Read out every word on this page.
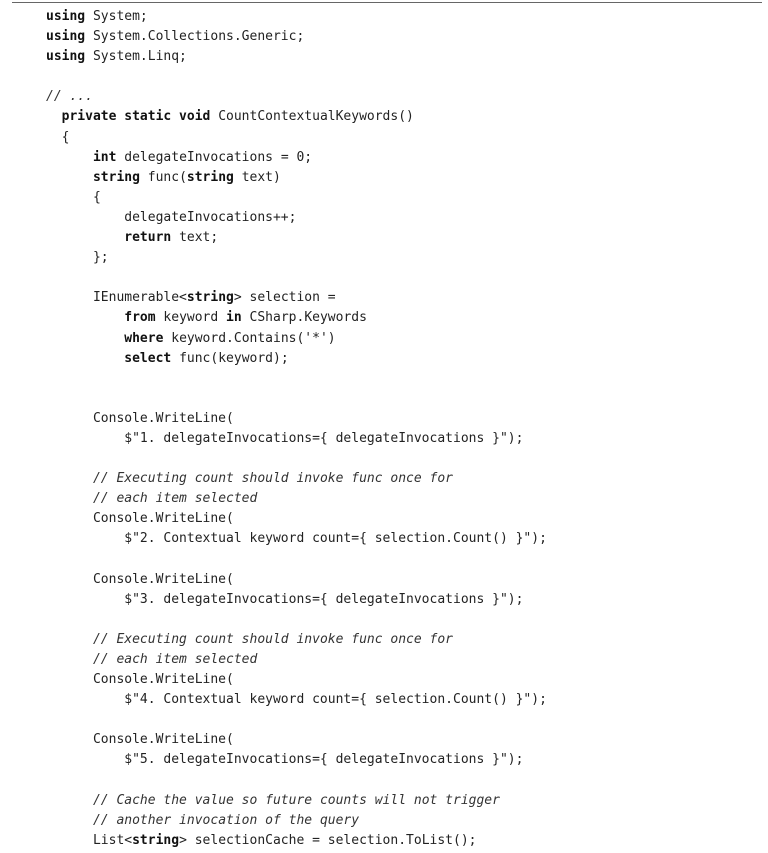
using System;
using System.Collections.Generic;
using System.Linq;
// ...
private static void CountContextualKeywords()
{
int delegateInvocations = 0;
string func(string text)
{
delegateInvocations++;
return text;
};
IEnumerable<string> selection =
from keyword in CSharp.Keywords
where keyword.Contains('*')
select func(keyword);
Console.WriteLine(
$"1. delegateInvocations={ delegateInvocations }");
// Executing count should invoke func once for
// each item selected
Console.WriteLine(
$"2. Contextual keyword count={ selection.Count() }");
Console.WriteLine(
$"3. delegateInvocations={ delegateInvocations }");
// Executing count should invoke func once for
// each item selected
Console.WriteLine(
$"4. Contextual keyword count={ selection.Count() }");
Console.WriteLine(
$"5. delegateInvocations={ delegateInvocations }");
// Cache the value so future counts will not trigger
// another invocation of the query
List<string> selectionCache = selection.ToList();
